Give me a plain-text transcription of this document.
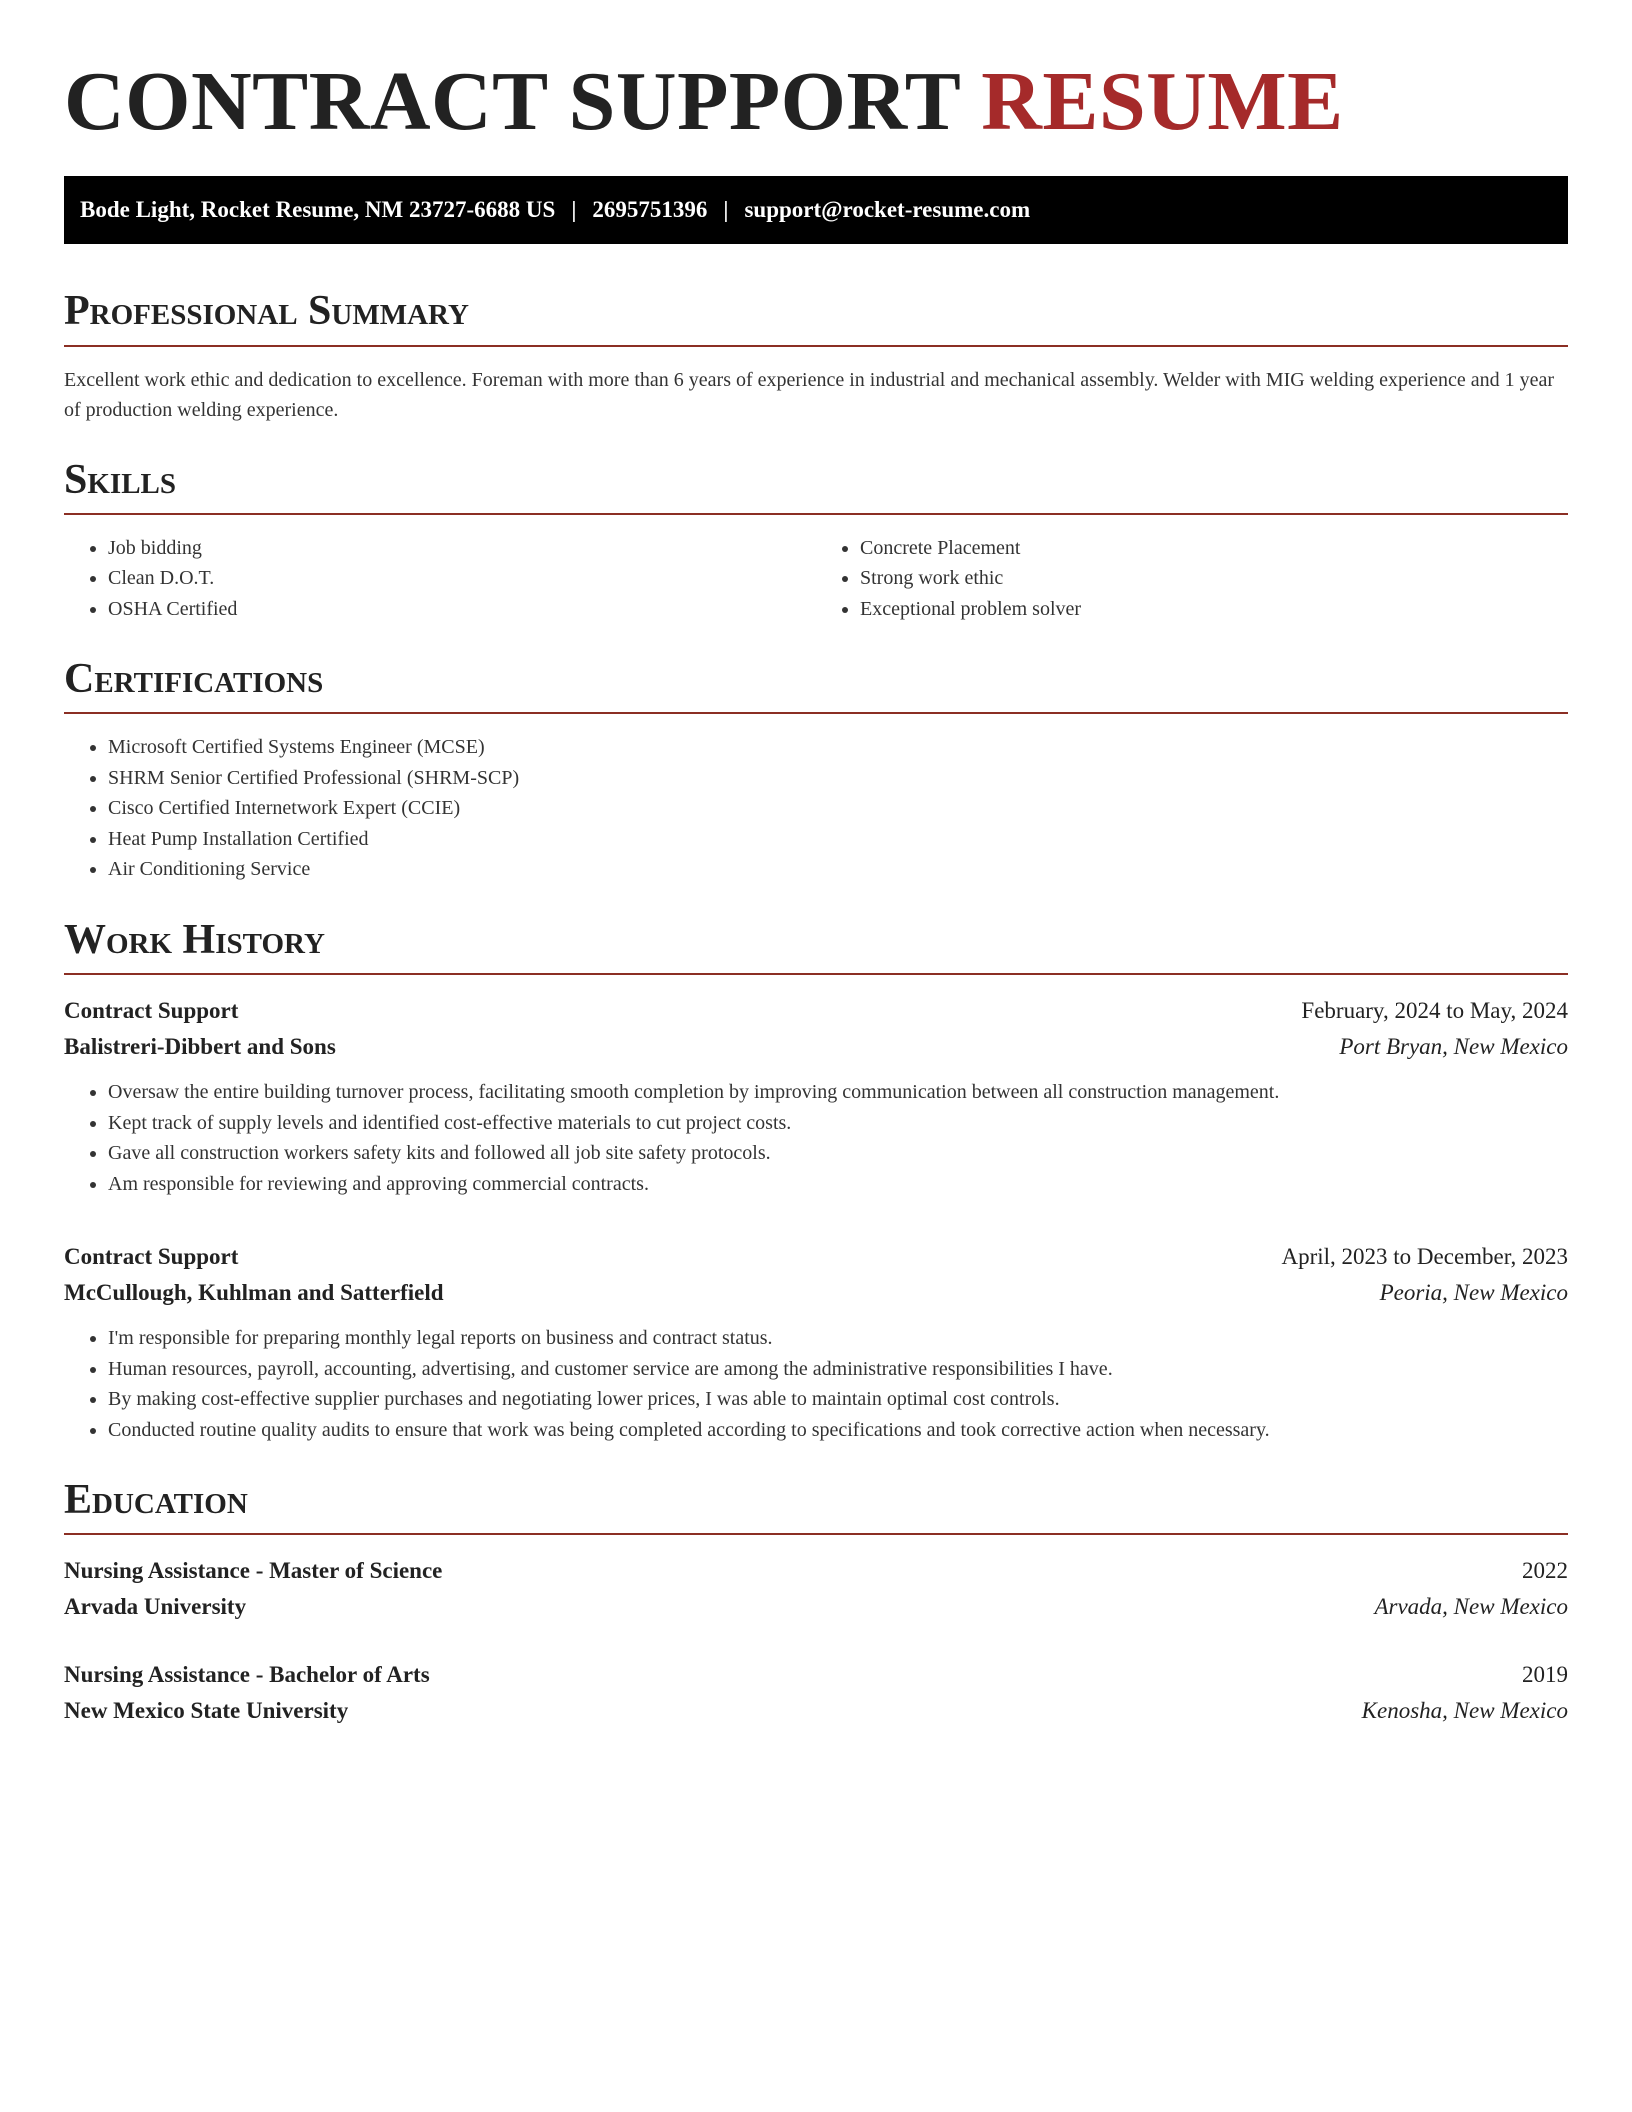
CONTRACT SUPPORT RESUME
Bode Light, Rocket Resume, NM 23727-6688 US | 2695751396 | support@rocket-resume.com
Professional Summary

Excellent work ethic and dedication to excellence. Foreman with more than 6 years of experience in industrial and mechanical assembly. Welder with MIG welding experience and 1 year of production welding experience.

Skills
• Job bidding
• Clean D.O.T.
• OSHA Certified
• Concrete Placement
• Strong work ethic
• Exceptional problem solver
Certifications
• Microsoft Certified Systems Engineer (MCSE)
• SHRM Senior Certified Professional (SHRM-SCP)
• Cisco Certified Internetwork Expert (CCIE)
• Heat Pump Installation Certified
• Air Conditioning Service
Work History
Contract Support	February, 2024 to May, 2024
Balistreri-Dibbert and Sons	Port Bryan, New Mexico
• Oversaw the entire building turnover process, facilitating smooth completion by improving communication between all construction management.
• Kept track of supply levels and identified cost-effective materials to cut project costs.
• Gave all construction workers safety kits and followed all job site safety protocols.
• Am responsible for reviewing and approving commercial contracts.
Contract Support	April, 2023 to December, 2023
McCullough, Kuhlman and Satterfield	Peoria, New Mexico
• I'm responsible for preparing monthly legal reports on business and contract status.
• Human resources, payroll, accounting, advertising, and customer service are among the administrative responsibilities I have.
• By making cost-effective supplier purchases and negotiating lower prices, I was able to maintain optimal cost controls.
• Conducted routine quality audits to ensure that work was being completed according to specifications and took corrective action when necessary.
Education
Nursing Assistance - Master of Science	2022
Arvada University	Arvada, New Mexico
Nursing Assistance - Bachelor of Arts	2019
New Mexico State University	Kenosha, New Mexico
